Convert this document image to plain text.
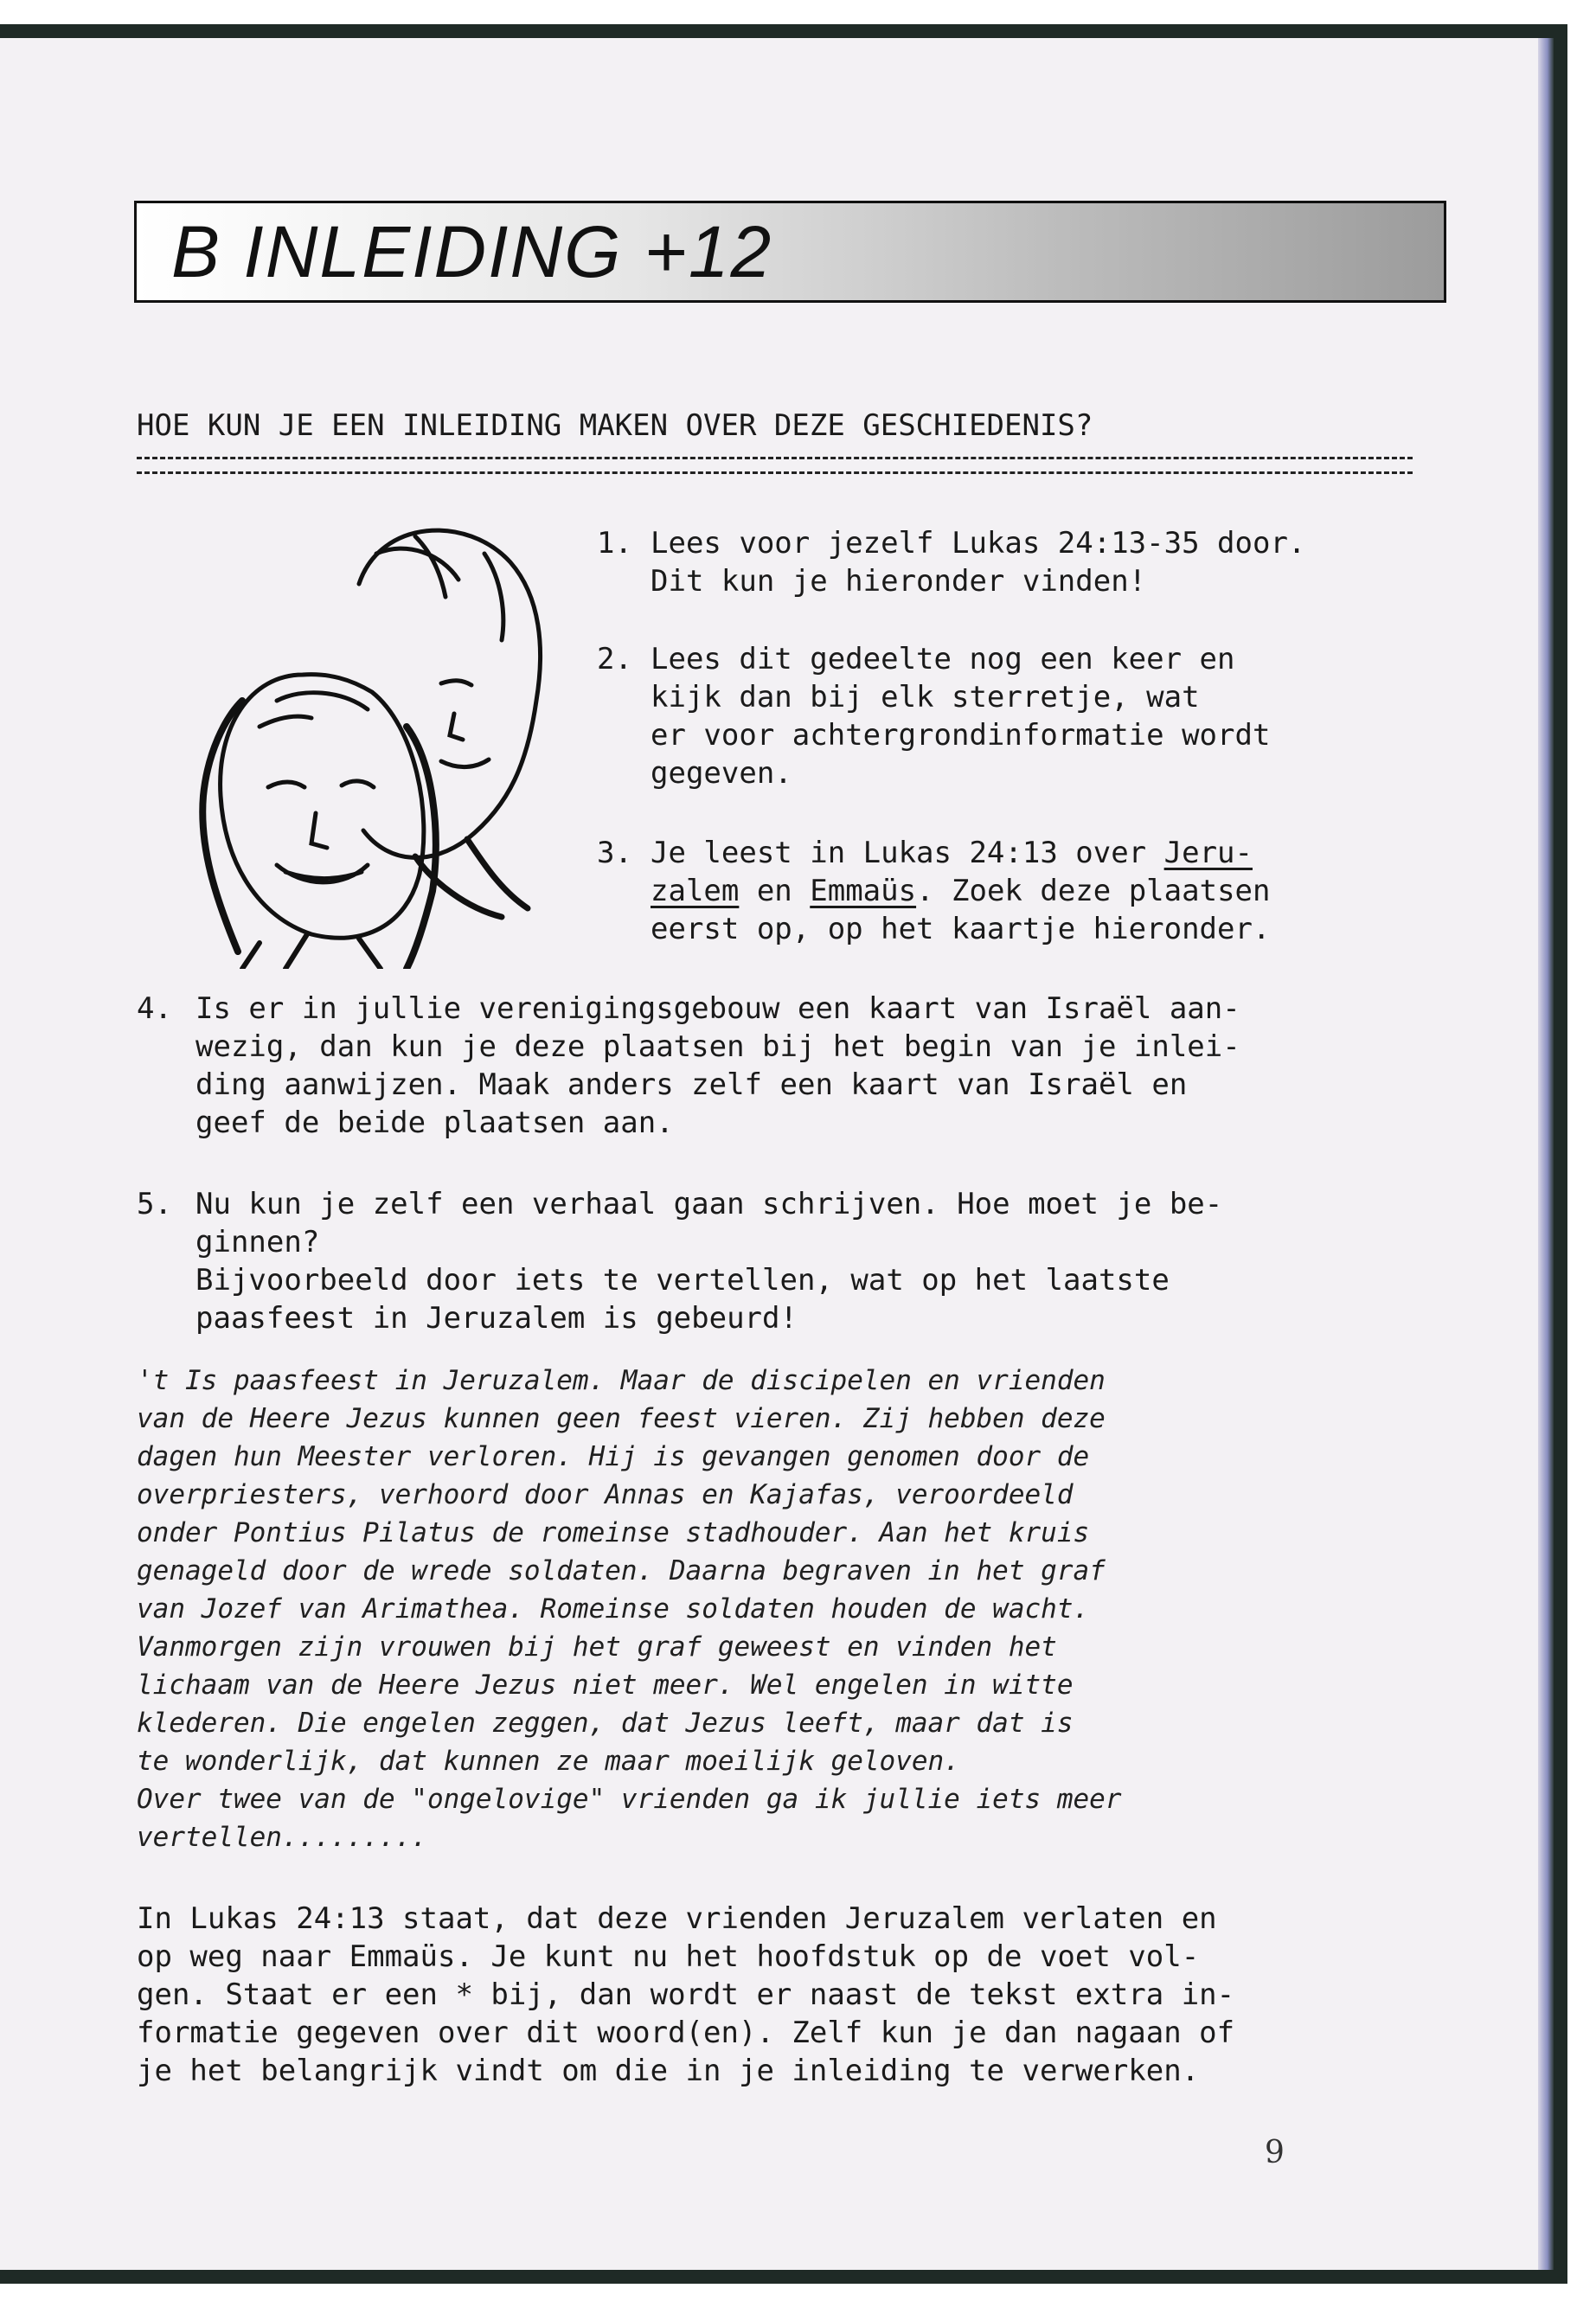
B INLEIDING +12
HOE KUN JE EEN INLEIDING MAKEN OVER DEZE GESCHIEDENIS?
1. Lees voor jezelf Lukas 24:13-35 door.
Dit kun je hieronder vinden!
2. Lees dit gedeelte nog een keer en
kijk dan bij elk sterretje, wat
er voor achtergrondinformatie wordt
gegeven.
3. Je leest in Lukas 24:13 over Jeru-
zalem en Emmaüs. Zoek deze plaatsen
eerst op, op het kaartje hieronder.
4. Is er in jullie verenigingsgebouw een kaart van Israël aan-
wezig, dan kun je deze plaatsen bij het begin van je inlei-
ding aanwijzen. Maak anders zelf een kaart van Israël en
geef de beide plaatsen aan.
5. Nu kun je zelf een verhaal gaan schrijven. Hoe moet je be-
ginnen?
Bijvoorbeeld door iets te vertellen, wat op het laatste
paasfeest in Jeruzalem is gebeurd!
't Is paasfeest in Jeruzalem. Maar de discipelen en vrienden
van de Heere Jezus kunnen geen feest vieren. Zij hebben deze
dagen hun Meester verloren. Hij is gevangen genomen door de
overpriesters, verhoord door Annas en Kajafas, veroordeeld
onder Pontius Pilatus de romeinse stadhouder. Aan het kruis
genageld door de wrede soldaten. Daarna begraven in het graf
van Jozef van Arimathea. Romeinse soldaten houden de wacht.
Vanmorgen zijn vrouwen bij het graf geweest en vinden het
lichaam van de Heere Jezus niet meer. Wel engelen in witte
klederen. Die engelen zeggen, dat Jezus leeft, maar dat is
te wonderlijk, dat kunnen ze maar moeilijk geloven.
Over twee van de "ongelovige" vrienden ga ik jullie iets meer
vertellen.........
In Lukas 24:13 staat, dat deze vrienden Jeruzalem verlaten en
op weg naar Emmaüs. Je kunt nu het hoofdstuk op de voet vol-
gen. Staat er een * bij, dan wordt er naast de tekst extra in-
formatie gegeven over dit woord(en). Zelf kun je dan nagaan of
je het belangrijk vindt om die in je inleiding te verwerken.
9
